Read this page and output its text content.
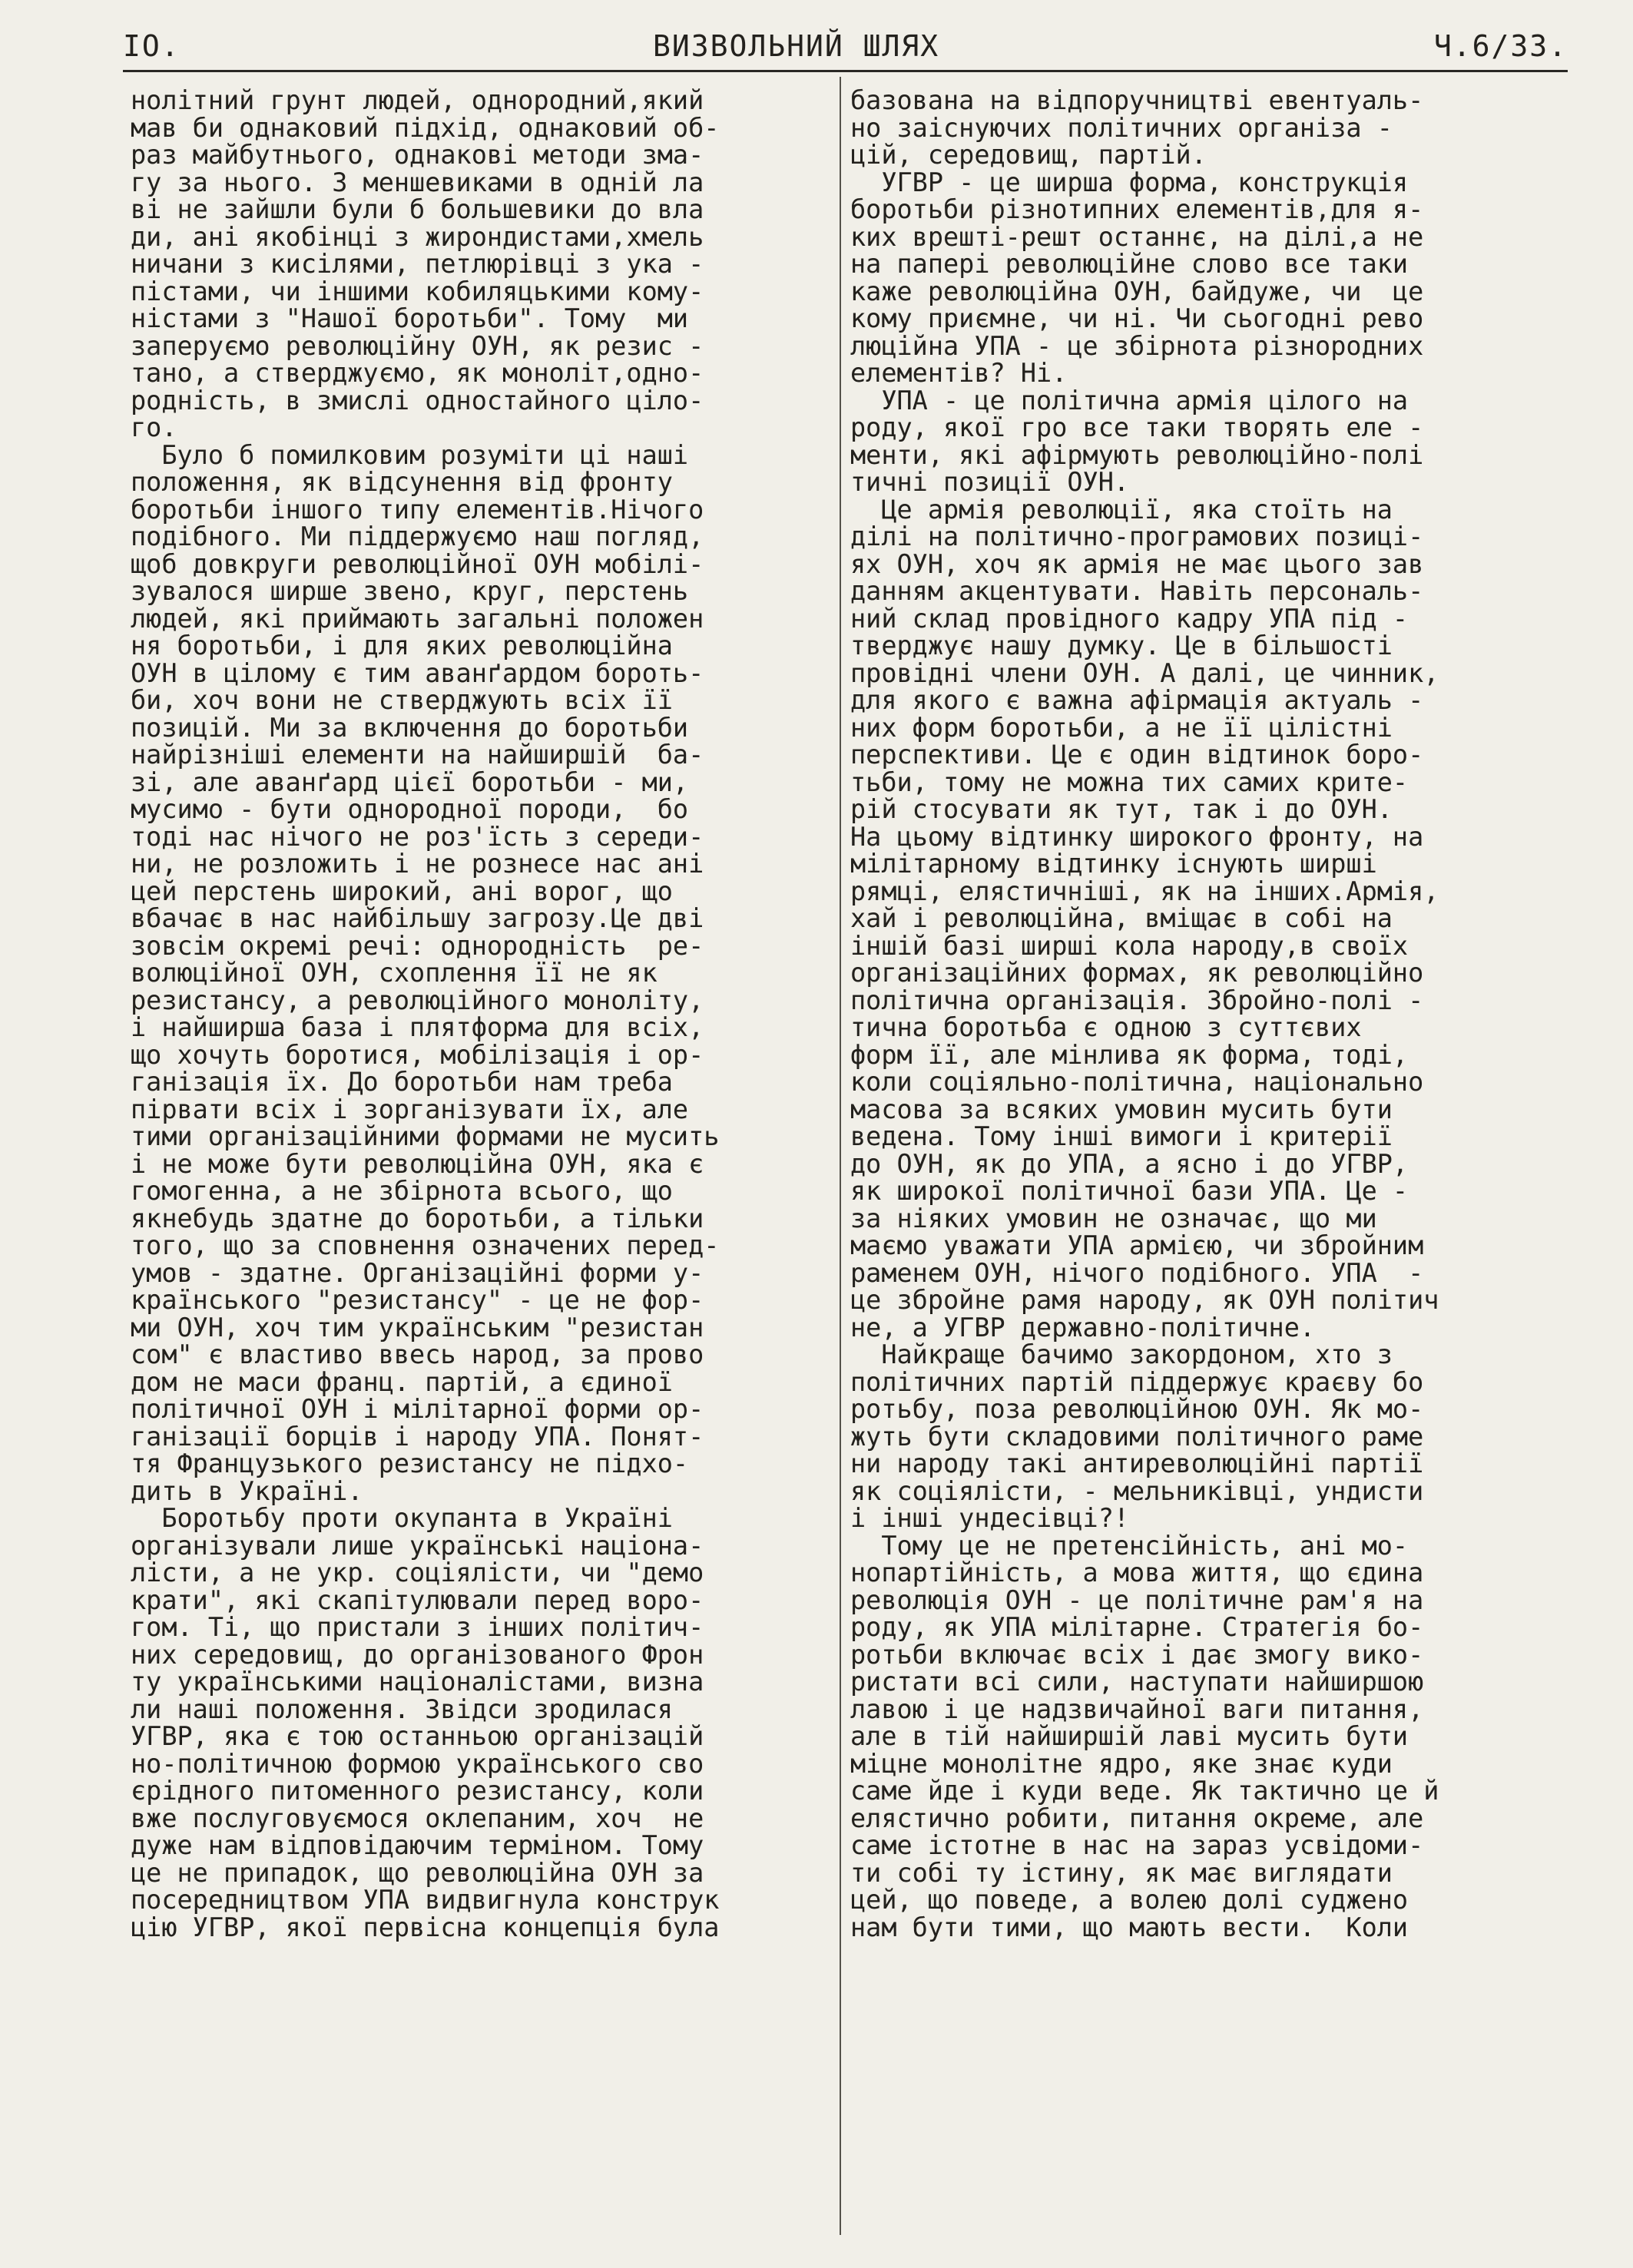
IO.	ВИЗВОЛЬНИЙ ШЛЯХ	Ч.6/33.

нолітний грунт людей, однородний,який

мав би однаковий підхід, однаковий об-

раз майбутнього, однакові методи зма-

гу за нього. З меншевиками в одній ла

ві не зайшли були б большевики до вла

ди, ані якобінці з жирондистами,хмель

ничани з кисілями, петлюрівці з ука -

пістами, чи іншими кобиляцькими кому-

ністами з "Нашої боротьби". Тому  ми

заперуємо революційну ОУН, як резис -

тано, а стверджуємо, як моноліт,одно-

родність, в змислі одностайного ціло-

го.

Було б помилковим розуміти ці наші

положення, як відсунення від фронту

боротьби іншого типу елементів.Нічого

подібного. Ми піддержуємо наш погляд,

щоб довкруги революційної ОУН мобілі-

зувалося ширше звено, круг, перстень

людей, які приймають загальні положен

ня боротьби, і для яких революційна

ОУН в цілому є тим аванґардом бороть-

би, хоч вони не стверджують всіх її

позицій. Ми за включення до боротьби

найрізніші елементи на найширшій  ба-

зі, але аванґард цієї боротьби - ми,

мусимо - бути однородної породи,  бо

тоді нас нічого не роз'їсть з середи-

ни, не розложить і не рознесе нас ані

цей перстень широкий, ані ворог, що

вбачає в нас найбільшу загрозу.Це дві

зовсім окремі речі: однородність  ре-

волюційної ОУН, схоплення її не як

резистансу, а революційного моноліту,

і найширша база і плятформа для всіх,

що хочуть боротися, мобілізація і ор-

ганізація їх. До боротьби нам треба

пірвати всіх і зорганізувати їх, але

тими організаційними формами не мусить

і не може бути революційна ОУН, яка є

гомогенна, а не збірнота всього, що

якнебудь здатне до боротьби, а тільки

того, що за сповнення означених перед-

умов - здатне. Організаційні форми у-

країнського "резистансу" - це не фор-

ми ОУН, хоч тим українським "резистан

сом" є властиво ввесь народ, за прово

дом не маси франц. партій, а єдиної

політичної ОУН і мілітарної форми ор-

ганізації борців і народу УПА. Понят-

тя Французького резистансу не підхо-

дить в Україні.

Боротьбу проти окупанта в Україні

організували лише українські націона-

лісти, а не укр. соціялісти, чи "демо

крати", які скапітулювали перед воро-

гом. Ті, що пристали з інших політич-

них середовищ, до організованого Фрон

ту українськими націоналістами, визна

ли наші положення. Звідси зродилася

УГВР, яка є тою останньою організацій

но-політичною формою українського сво

єрідного питоменного резистансу, коли

вже послуговуємося оклепаним, хоч  не

дуже нам відповідаючим терміном. Тому

це не припадок, що революційна ОУН за

посередництвом УПА видвигнула конструк

цію УГВР, якої первісна концепція була

базована на відпоручництві евентуаль-

но заіснуючих політичних організа -

цій, середовищ, партій.

УГВР - це ширша форма, конструкція

боротьби різнотипних елементів,для я-

ких врешті-решт останнє, на ділі,а не

на папері революційне слово все таки

каже революційна ОУН, байдуже, чи  це

кому приємне, чи ні. Чи сьогодні рево

люційна УПА - це збірнота різнородних

елементів? Ні.

УПА - це політична армія цілого на

роду, якої гро все таки творять еле -

менти, які афірмують революційно-полі

тичні позиції ОУН.

Це армія революції, яка стоїть на

ділі на політично-програмових позиці-

ях ОУН, хоч як армія не має цього зав

данням акцентувати. Навіть персональ-

ний склад провідного кадру УПА під -

тверджує нашу думку. Це в більшості

провідні члени ОУН. А далі, це чинник,

для якого є важна афірмація актуаль -

них форм боротьби, а не її цілістні

перспективи. Це є один відтинок боро-

тьби, тому не можна тих самих крите-

рій стосувати як тут, так і до ОУН.

На цьому відтинку широкого фронту, на

мілітарному відтинку існують ширші

рямці, елястичніші, як на інших.Армія,

хай і революційна, вміщає в собі на

іншій базі ширші кола народу,в своїх

організаційних формах, як революційно

політична організація. Збройно-полі -

тична боротьба є одною з суттєвих

форм її, але мінлива як форма, тоді,

коли соціяльно-політична, національно

масова за всяких умовин мусить бути

ведена. Тому інші вимоги і критерії

до ОУН, як до УПА, а ясно і до УГВР,

як широкої політичної бази УПА. Це -

за ніяких умовин не означає, що ми

маємо уважати УПА армією, чи збройним

раменем ОУН, нічого подібного. УПА  -

це збройне рамя народу, як ОУН політич

не, а УГВР державно-політичне.

Найкраще бачимо закордоном, хто з

політичних партій піддержує краєву бо

ротьбу, поза революційною ОУН. Як мо-

жуть бути складовими політичного раме

ни народу такі антиреволюційні партії

як соціялісти, - мельниківці, ундисти

і інші ундесівці?!

Тому це не претенсійність, ані мо-

нопартійність, а мова життя, що єдина

революція ОУН - це політичне рам'я на

роду, як УПА мілітарне. Стратегія бо-

ротьби включає всіх і дає змогу вико-

ристати всі сили, наступати найширшою

лавою і це надзвичайної ваги питання,

але в тій найширшій лаві мусить бути

міцне монолітне ядро, яке знає куди

саме йде і куди веде. Як тактично це й

елястично робити, питання окреме, але

саме істотне в нас на зараз усвідоми-

ти собі ту істину, як має виглядати

цей, що поведе, а волею долі суджено

нам бути тими, що мають вести.  Коли
